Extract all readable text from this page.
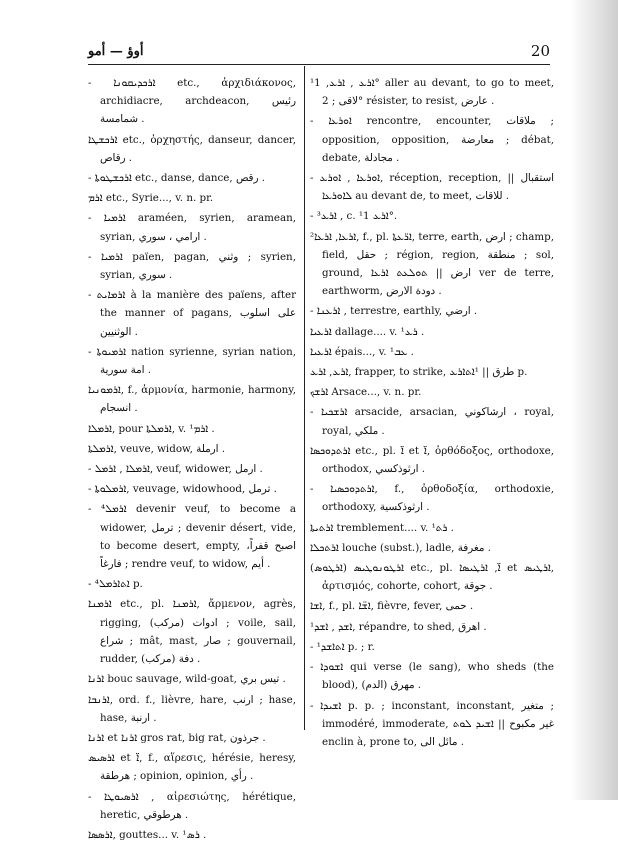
أوؤ — أمو	20

- ܐܪܟܕܝܩܘܢܐ etc., ἀρχιδιάκονος, archidiacre, archdeacon, رئيس شمامسة .

ܐܪܟܫܛܐ etc., ὀρχηστής, danseur, dancer, رقاص .

- ܐܪܟܫܛܘܬܐ etc., danse, dance, رقص .

ܐܪܡ etc., Syrie..., v. n. pr.

- ܐܪܡܝܐ araméen, syrien, aramean, syrian, ارامي ، سوري .

- ܐܪܡܝܐ païen, pagan, وثني ; syrien, syrian, سوري .

- ܐܪܡܐܝܬ à la manière des païens, after the manner of pagans, على اسلوب الوثنيين .

- ܐܪܡܝܘܬܐ nation syrienne, syrian nation, امة سورية .

ܐܪܡܘܢܝܐ, f., ἁρμονία, harmonie, harmony, انسجام .

ܐܪܡܠܐ, pour ܐܪܡܠܬܐ, v. ¹ܐܪܡ .

ܐܪܡܠܬܐ, veuve, widow, ارملة .

- ܐܪܡܠܐ , ܐܪܡܠ, veuf, widower, ارمل .

- ܐܪܡܠܘܬܐ, veuvage, widowhood, ترمل .

- ⁴ܐܪܡܠ devenir veuf, to become a widower, ترمل ; devenir désert, vide, to become desert, empty, اصبح قفراً، فارغاً ; rendre veuf, to widow, أيم .

- ⁴ܐܬܐܪܡܠ p.

ܐܪܡܢܐ etc., pl. ܐܪܡܢܐ, ἄρμενον, agrès, rigging, (مركب) ادوات ; voile, sail, شراع ; mât, mast, صار ; gouvernail, rudder, (مركب) دفة .

ܐܪܢܐ bouc sauvage, wild-goat, تيس بري .

ܐܪܢܒܐ, ord. f., lièvre, hare, ارنب ; hase, hase, ارنبة .

ܐܪܢܐ et ܐܪܢܐ gros rat, big rat, جرذون .

ܐܪܣܝܣ et ܐ̈, f., αἵρεσις, hérésie, heresy, هرطقة ; opinion, opinion, رأي .

- ܐܪܣܝܘܛܐ , αἱρεσιώτης, hérétique, heretic, هرطوقي .

ܐܪܣܣܐ, gouttes... v. ¹ܪܣ .

¹ܐܪܥ , ܐܪܥ, 1° aller au devant, to go to meet, لاقى ; 2° résister, to resist, عارض .

- ܐܘܪܥܐ rencontre, encounter, ملاقات ; opposition, opposition, معارضة ; débat, debate, مجادلة .

- ܐܘܪܥܐ , ܐܘܪܥ, réception, reception, استقبال || ܠܐܘܪܥܐ au devant de, to meet, للاقات .

- ³ܐܪܥ , c. ¹ܐܪܥ 1°.

²ܐܪܥܐ, ܐܪܥܐ, f., pl. ܐܪ̈ܥܬܐ, terre, earth, ارض ; champ, field, حقل ; région, region, منطقة ; sol, ground, ارض || ܬܘܠܥܬ ܐܪܥܐ ver de terre, earthworm, دودة الارض .

- ܐܪܥܢܐ , terrestre, earthly, ارضي .

ܐܪܥܝܐ dallage.... v. ¹ܪܥ .

ܐܪܥܝܐ épais..., v. ¹ܥܒ .

ܐܪܥ, ܐܪܥ, frapper, to strike, طرق || ¹ܐܬܐܪܥ p.

ܐܪܫܟ Arsace..., v. n. pr.

- ܐܪܫܟܝܐ arsacide, arsacian, ارشاكوني ، royal, royal, ملكي .

ܐܪܬܕܘܟܣܐ etc., pl. ܐ̈ et ܐ̈, ὀρθόδοξος, orthodoxe, orthodox, ارثوذكسي .

- ܐܪܬܕܘܟܣܝܐ, f., ὀρθοδοξία, orthodoxie, orthodoxy, ارثوذكسية .

ܐܪܬܝܬܐ tremblement.... v. ¹ܪܬ .

ܐܪܬܟܠܐ louche (subst.), ladle, مغرفة .

(ܐܪܛܘܣ) ܐܪܛܘܢܘܛܝܣ etc., pl. ܐ̈, ܐܪܛܝܣܐ et ܐܪܛܝܣ, ἀρτισμός, cohorte, cohort, جوقة .

ܐܫܐ, f., pl. ܐܫ̈ܐ, fièvre, fever, حمى .

¹ܐܫܕ , ܐܫܕ, répandre, to shed, اهرق .

- ¹ܐܬܐܫܕ p. ; r.

- ܐܫܘܕܐ qui verse (le sang), who sheds (the blood), (الدم) مهرق .

- ܐܫܝܕܐ p. p. ; inconstant, inconstant, متغير ; immodéré, immoderate, غير مكبوح || ܐܫܝܕ ܠܘܬ enclin à, prone to, مائل الى .
